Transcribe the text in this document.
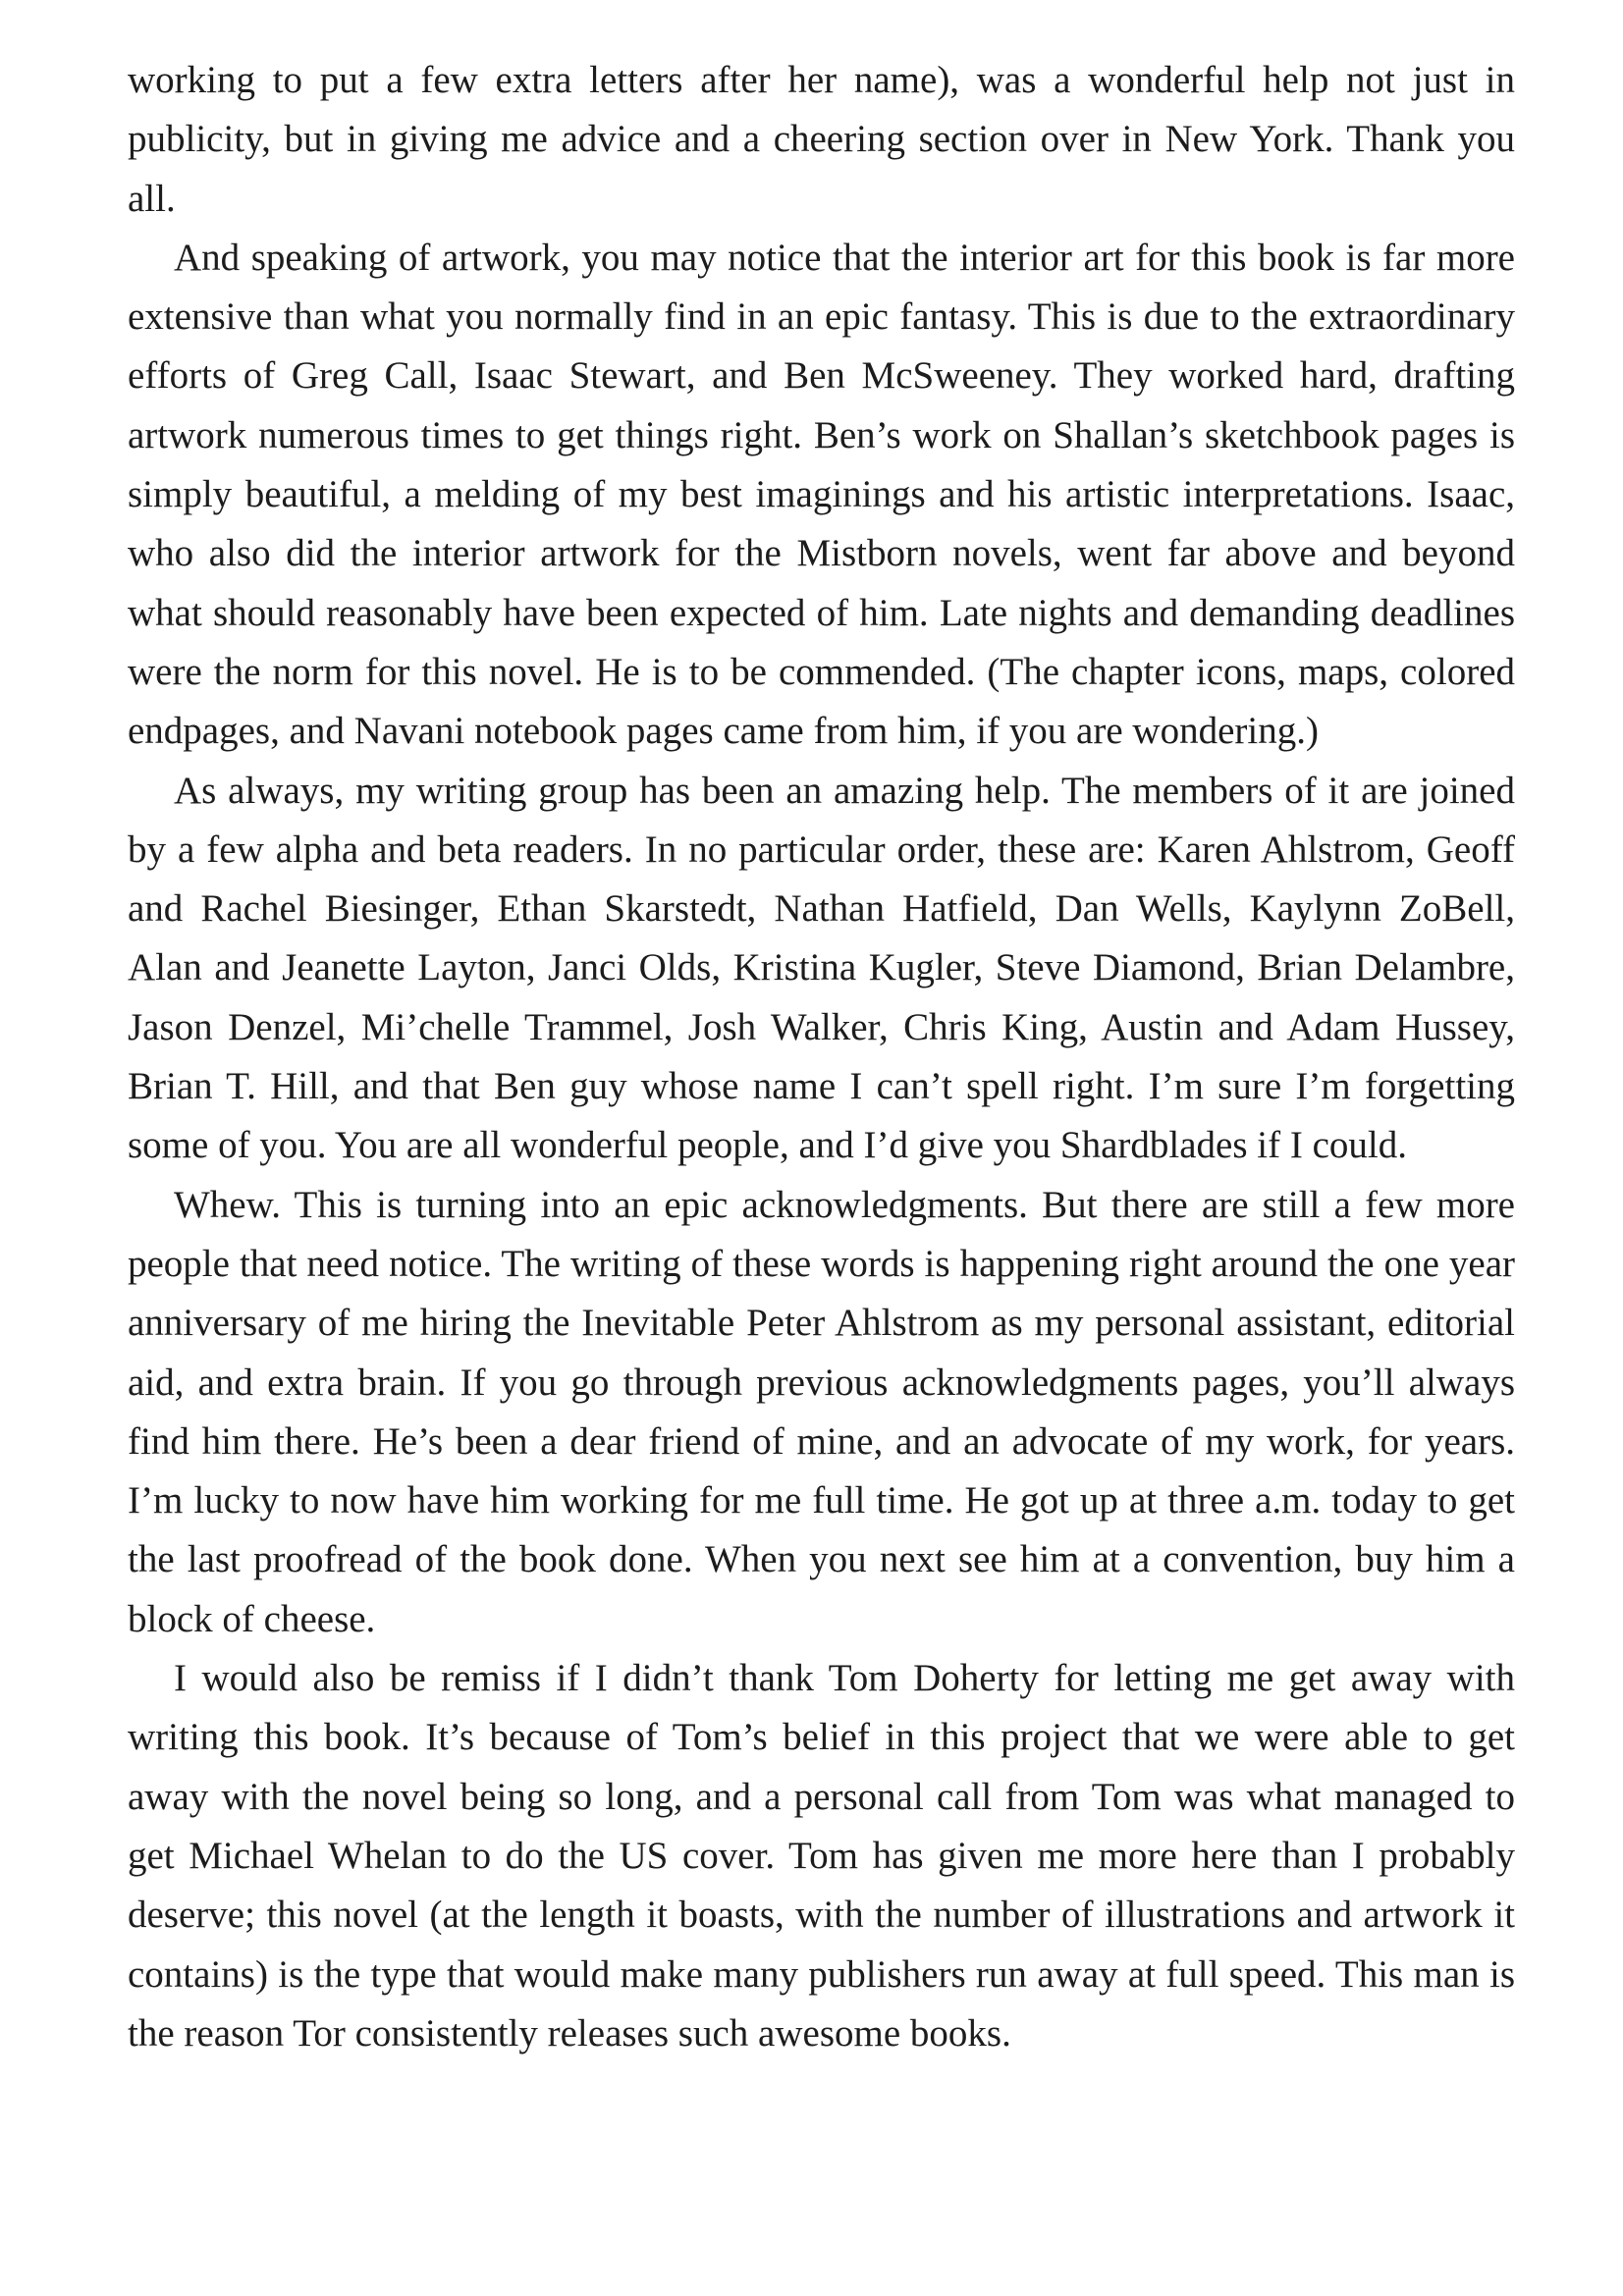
working to put a few extra letters after her name), was a wonderful help not just in publicity, but in giving me advice and a cheering section over in New York. Thank you all.

And speaking of artwork, you may notice that the interior art for this book is far more extensive than what you normally find in an epic fantasy. This is due to the extraordinary efforts of Greg Call, Isaac Stewart, and Ben McSweeney. They worked hard, drafting artwork numerous times to get things right. Ben’s work on Shallan’s sketchbook pages is simply beautiful, a melding of my best imaginings and his artistic interpretations. Isaac, who also did the interior artwork for the Mistborn novels, went far above and beyond what should reasonably have been expected of him. Late nights and demanding deadlines were the norm for this novel. He is to be commended. (The chapter icons, maps, colored endpages, and Navani notebook pages came from him, if you are wondering.)

As always, my writing group has been an amazing help. The members of it are joined by a few alpha and beta readers. In no particular order, these are: Karen Ahlstrom, Geoff and Rachel Biesinger, Ethan Skarstedt, Nathan Hatfield, Dan Wells, Kaylynn ZoBell, Alan and Jeanette Layton, Janci Olds, Kristina Kugler, Steve Diamond, Brian Delambre, Jason Denzel, Mi’chelle Trammel, Josh Walker, Chris King, Austin and Adam Hussey, Brian T. Hill, and that Ben guy whose name I can’t spell right. I’m sure I’m forgetting some of you. You are all wonderful people, and I’d give you Shardblades if I could.

Whew. This is turning into an epic acknowledgments. But there are still a few more people that need notice. The writing of these words is happening right around the one year anniversary of me hiring the Inevitable Peter Ahlstrom as my personal assistant, editorial aid, and extra brain. If you go through previous acknowledgments pages, you’ll always find him there. He’s been a dear friend of mine, and an advocate of my work, for years. I’m lucky to now have him working for me full time. He got up at three a.m. today to get the last proofread of the book done. When you next see him at a convention, buy him a block of cheese.

I would also be remiss if I didn’t thank Tom Doherty for letting me get away with writing this book. It’s because of Tom’s belief in this project that we were able to get away with the novel being so long, and a personal call from Tom was what managed to get Michael Whelan to do the US cover. Tom has given me more here than I probably deserve; this novel (at the length it boasts, with the number of illustrations and artwork it contains) is the type that would make many publishers run away at full speed. This man is the reason Tor consistently releases such awesome books.
